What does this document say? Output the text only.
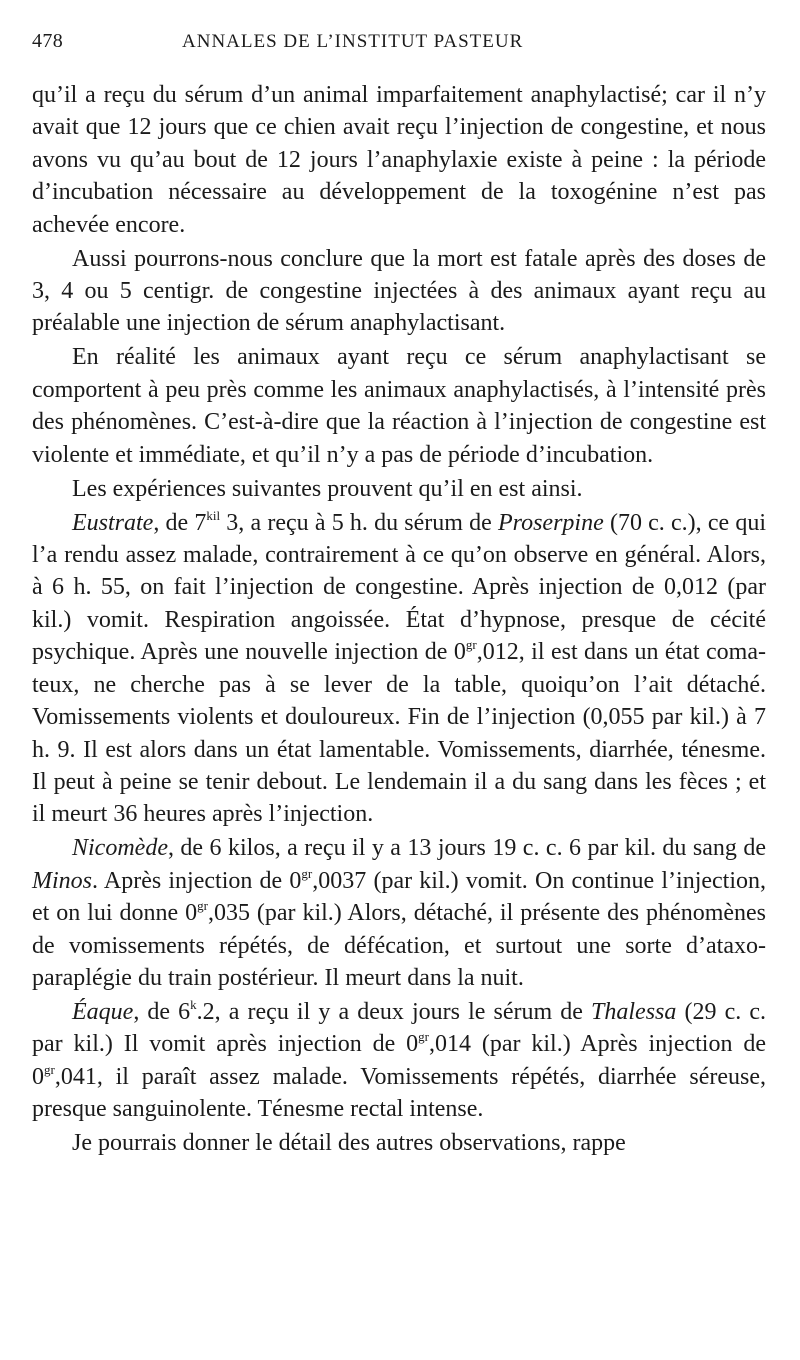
478	ANNALES DE L’INSTITUT PASTEUR

qu’il a reçu du sérum d’un animal imparfaitement anaphylactisé; car il n’y avait que 12 jours que ce chien avait reçu l’injection de congestine, et nous avons vu qu’au bout de 12 jours l’anaphylaxie existe à peine : la période d’incubation nécessaire au développement de la toxogénine n’est pas achevée encore.

Aussi pourrons-nous conclure que la mort est fatale après des doses de 3, 4 ou 5 centigr. de congestine injectées à des animaux ayant reçu au préalable une injection de sérum anaphylactisant.

En réalité les animaux ayant reçu ce sérum anaphylactisant se comportent à peu près comme les animaux anaphylactisés, à l’intensité près des phénomènes. C’est-à-dire que la réaction à l’injection de congestine est violente et immédiate, et qu’il n’y a pas de période d’incubation.

Les expériences suivantes prouvent qu’il en est ainsi.

Eustrate, de $7^{kil}$ 3, a reçu à 5 h. du sérum de Proserpine (70 c. c.), ce qui l’a rendu assez malade, contrairement à ce qu’on observe en général. Alors, à 6 h. 55, on fait l’injection de congestine. Après injection de 0,012 (par kil.) vomit. Respiration angoissée. État d’hypnose, presque de cécité psychique. Après une nouvelle injection de $0^{gr},012$, il est dans un état comateux, ne cherche pas à se lever de la table, quoiqu’on l’ait détaché. Vomissements violents et douloureux. Fin de l’injection (0,055 par kil.) à 7 h. 9. Il est alors dans un état lamentable. Vomissements, diarrhée, ténesme. Il peut à peine se tenir debout. Le lendemain il a du sang dans les fèces ; et il meurt 36 heures après l’injection.

Nicomède, de 6 kilos, a reçu il y a 13 jours 19 c. c. 6 par kil. du sang de Minos. Après injection de $0^{gr},0037$ (par kil.) vomit. On continue l’injection, et on lui donne $0^{gr},035$ (par kil.) Alors, détaché, il présente des phénomènes de vomissements répétés, de défécation, et surtout une sorte d’ataxo-paraplégie du train postérieur. Il meurt dans la nuit.

Éaque, de 6$^k$.2, a reçu il y a deux jours le sérum de Thalessa (29 c. c. par kil.) Il vomit après injection de $0^{gr},014$ (par kil.) Après injection de $0^{gr},041$, il paraît assez malade. Vomissements répétés, diarrhée séreuse, presque sanguinolente. Ténesme rectal intense.

Je pourrais donner le détail des autres observations, rappe
